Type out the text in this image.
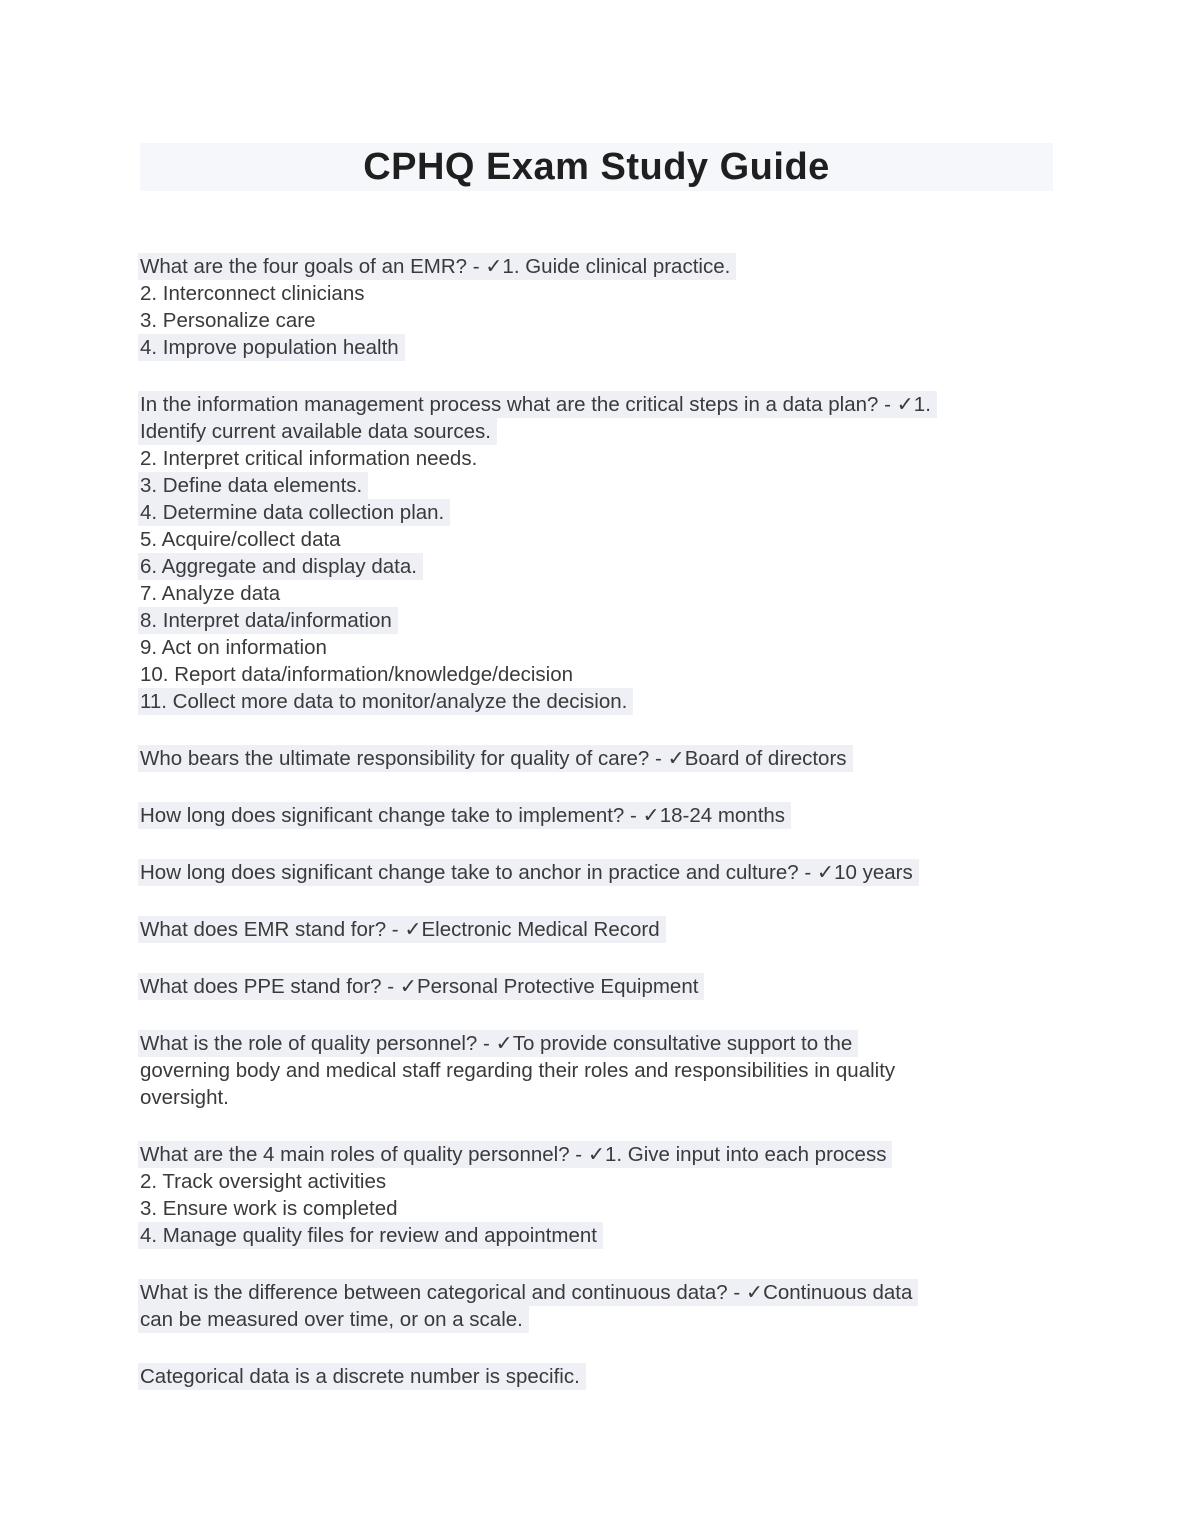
CPHQ Exam Study Guide
What are the four goals of an EMR? - ✓1. Guide clinical practice.
2. Interconnect clinicians
3. Personalize care
4. Improve population health
In the information management process what are the critical steps in a data plan? - ✓1.
Identify current available data sources.
2. Interpret critical information needs.
3. Define data elements.
4. Determine data collection plan.
5. Acquire/collect data
6. Aggregate and display data.
7. Analyze data
8. Interpret data/information
9. Act on information
10. Report data/information/knowledge/decision
11. Collect more data to monitor/analyze the decision.
Who bears the ultimate responsibility for quality of care? - ✓Board of directors
How long does significant change take to implement? - ✓18-24 months
How long does significant change take to anchor in practice and culture? - ✓10 years
What does EMR stand for? - ✓Electronic Medical Record
What does PPE stand for? - ✓Personal Protective Equipment
What is the role of quality personnel? - ✓To provide consultative support to the
governing body and medical staff regarding their roles and responsibilities in quality
oversight.
What are the 4 main roles of quality personnel? - ✓1. Give input into each process
2. Track oversight activities
3. Ensure work is completed
4. Manage quality files for review and appointment
What is the difference between categorical and continuous data? - ✓Continuous data
can be measured over time, or on a scale.
Categorical data is a discrete number is specific.
